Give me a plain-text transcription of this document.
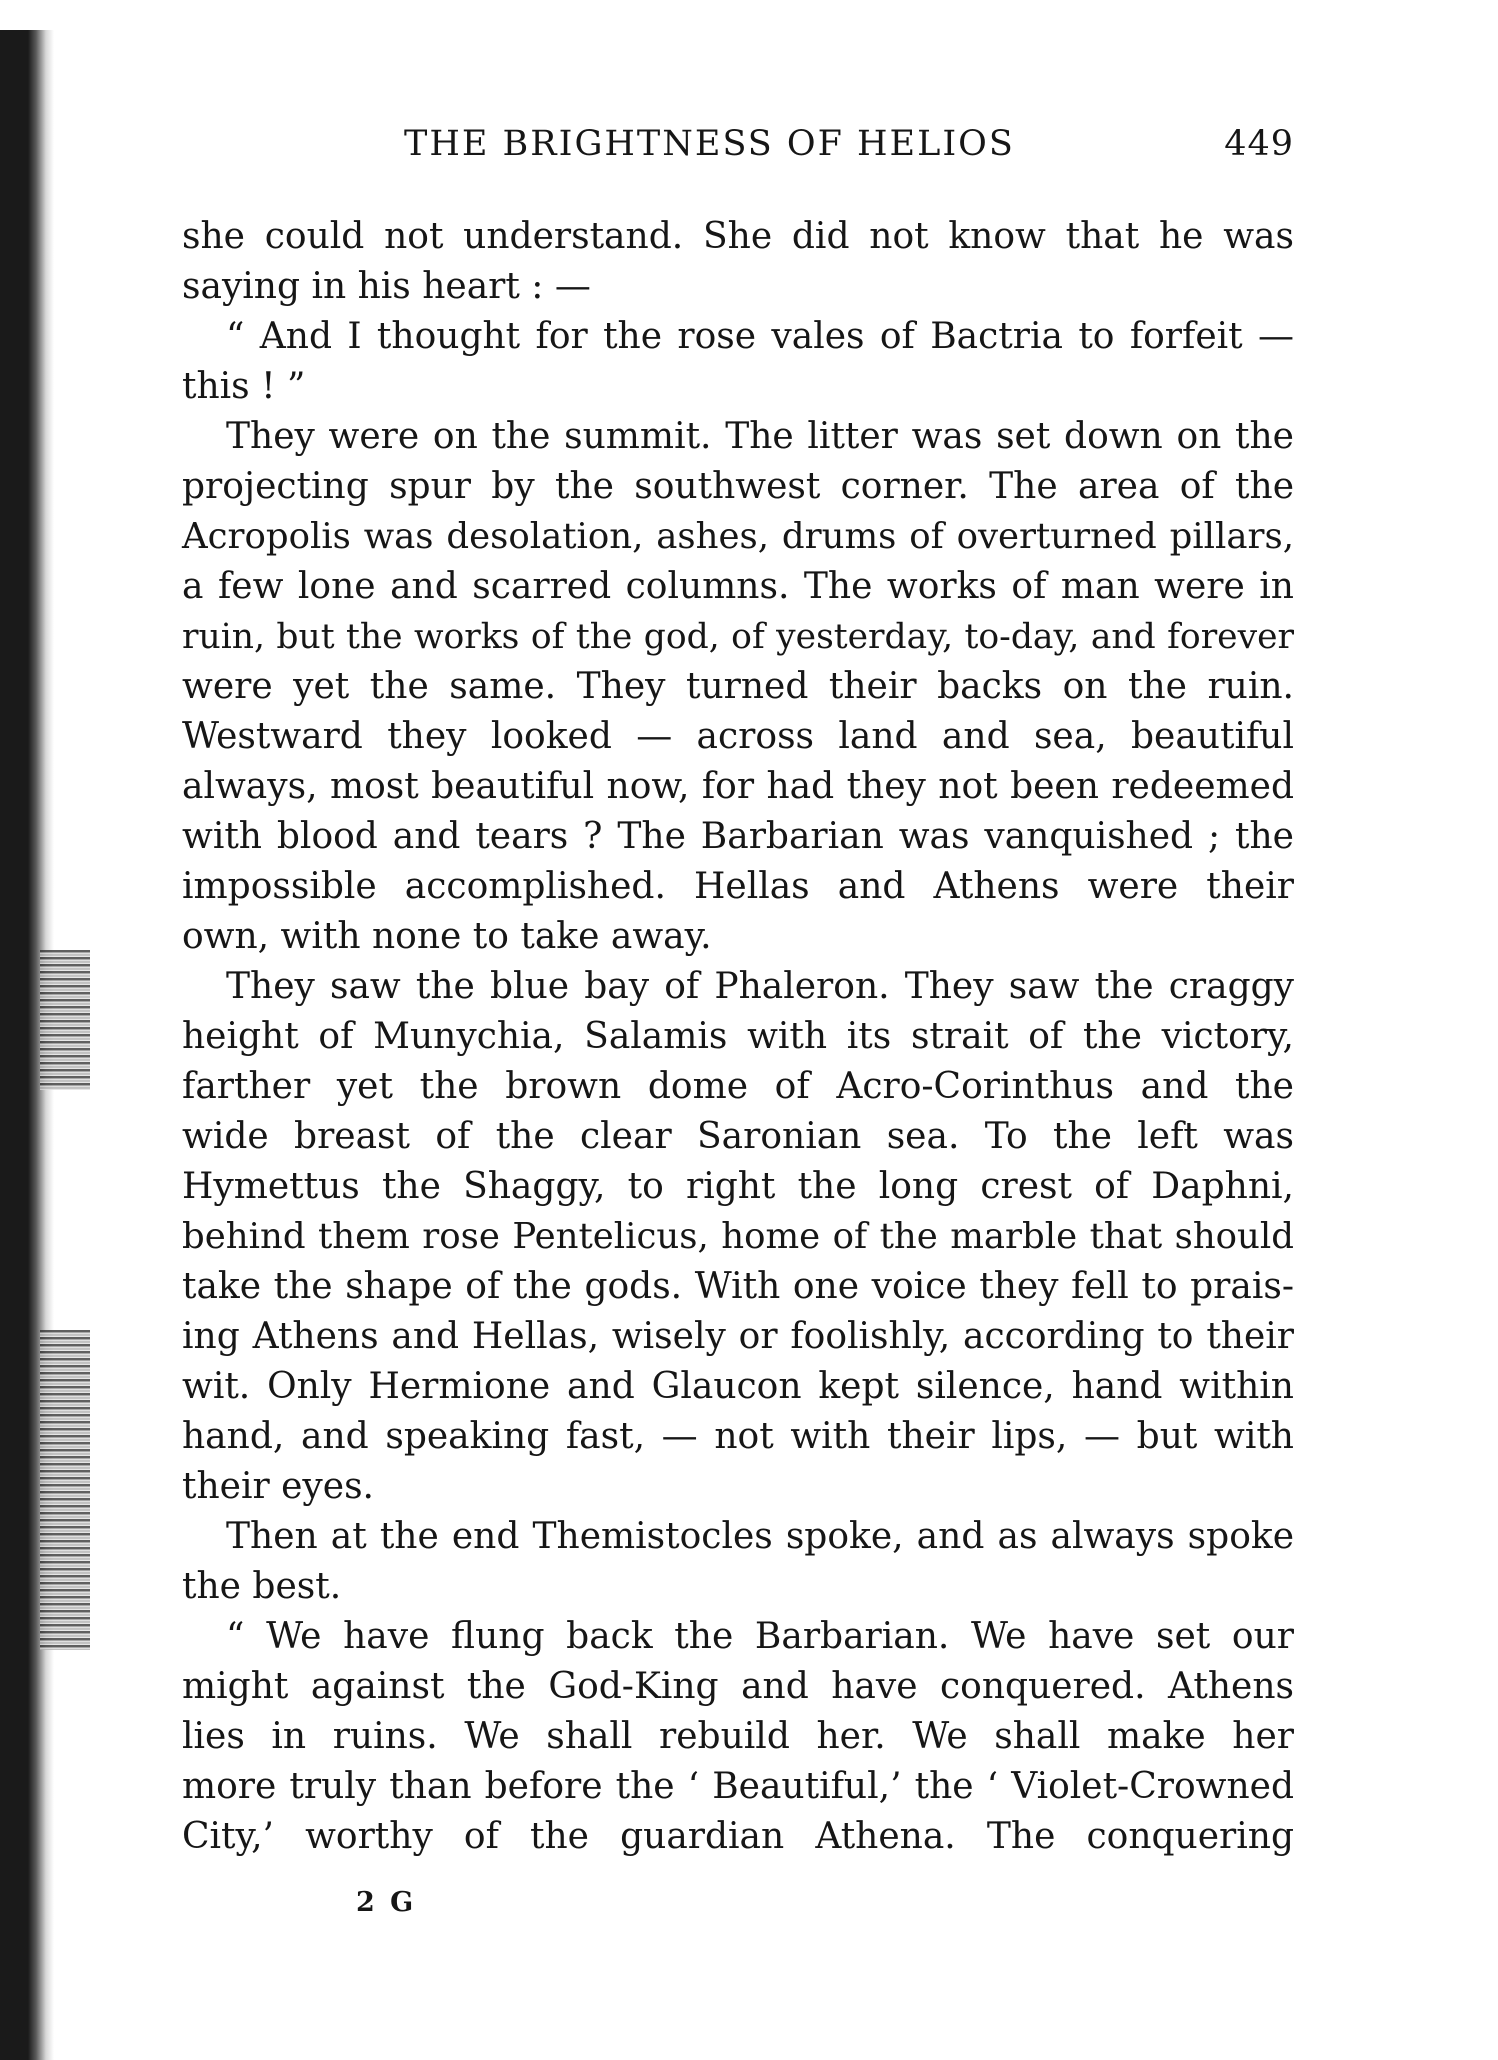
THE BRIGHTNESS OF HELIOS	449
she could not understand. She did not know that he was
saying in his heart : —
“ And I thought for the rose vales of Bactria to forfeit —
this ! ”
They were on the summit. The litter was set down on the
projecting spur by the southwest corner. The area of the
Acropolis was desolation, ashes, drums of overturned pillars,
a few lone and scarred columns. The works of man were in
ruin, but the works of the god, of yesterday, to-day, and forever
were yet the same. They turned their backs on the ruin.
Westward they looked — across land and sea, beautiful
always, most beautiful now, for had they not been redeemed
with blood and tears ? The Barbarian was vanquished ; the
impossible accomplished. Hellas and Athens were their
own, with none to take away.
They saw the blue bay of Phaleron. They saw the craggy
height of Munychia, Salamis with its strait of the victory,
farther yet the brown dome of Acro-Corinthus and the
wide breast of the clear Saronian sea. To the left was
Hymettus the Shaggy, to right the long crest of Daphni,
behind them rose Pentelicus, home of the marble that should
take the shape of the gods. With one voice they fell to prais-
ing Athens and Hellas, wisely or foolishly, according to their
wit. Only Hermione and Glaucon kept silence, hand within
hand, and speaking fast, — not with their lips, — but with
their eyes.
Then at the end Themistocles spoke, and as always spoke
the best.
“ We have flung back the Barbarian. We have set our
might against the God-King and have conquered. Athens
lies in ruins. We shall rebuild her. We shall make her
more truly than before the ‘ Beautiful,’ the ‘ Violet-Crowned
City,’ worthy of the guardian Athena. The conquering
2 G
